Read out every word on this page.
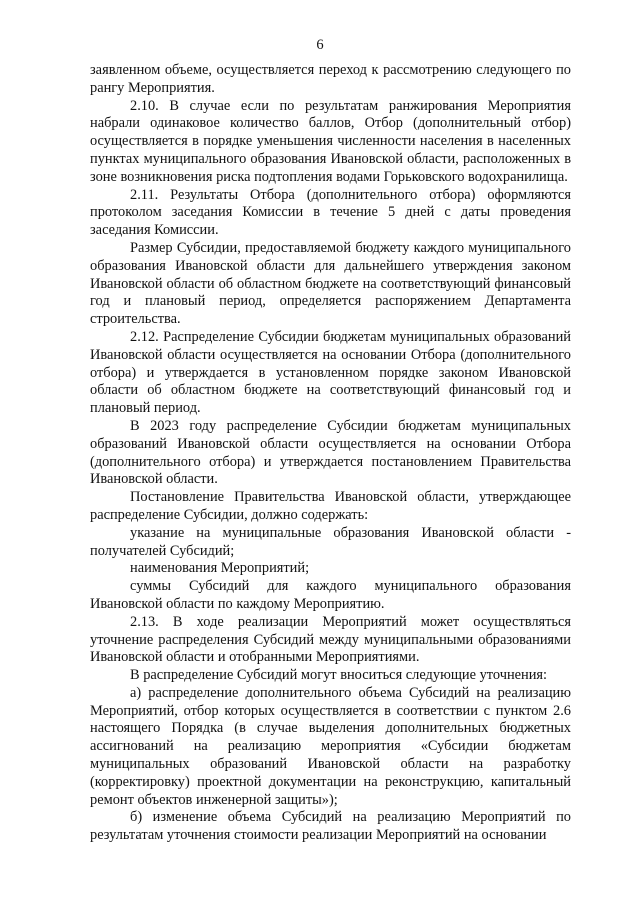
6

заявленном объеме, осуществляется переход к рассмотрению следующего по рангу Мероприятия.

2.10. В случае если по результатам ранжирования Мероприятия набрали одинаковое количество баллов, Отбор (дополнительный отбор) осуществляется в порядке уменьшения численности населения в населенных пунктах муниципального образования Ивановской области, расположенных в зоне возникновения риска подтопления водами Горьковского водохранилища.

2.11. Результаты Отбора (дополнительного отбора) оформляются протоколом заседания Комиссии в течение 5 дней с даты проведения заседания Комиссии.

Размер Субсидии, предоставляемой бюджету каждого муниципального образования Ивановской области для дальнейшего утверждения законом Ивановской области об областном бюджете на соответствующий финансовый год и плановый период, определяется распоряжением Департамента строительства.

2.12. Распределение Субсидии бюджетам муниципальных образований Ивановской области осуществляется на основании Отбора (дополнительного отбора) и утверждается в установленном порядке законом Ивановской области об областном бюджете на соответствующий финансовый год и плановый период.

В 2023 году распределение Субсидии бюджетам муниципальных образований Ивановской области осуществляется на основании Отбора (дополнительного отбора) и утверждается постановлением Правительства Ивановской области.

Постановление Правительства Ивановской области, утверждающее распределение Субсидии, должно содержать:

указание на муниципальные образования Ивановской области - получателей Субсидий;

наименования Мероприятий;

суммы Субсидий для каждого муниципального образования Ивановской области по каждому Мероприятию.

2.13. В ходе реализации Мероприятий может осуществляться уточнение распределения Субсидий между муниципальными образованиями Ивановской области и отобранными Мероприятиями.

В распределение Субсидий могут вноситься следующие уточнения:

а) распределение дополнительного объема Субсидий на реализацию Мероприятий, отбор которых осуществляется в соответствии с пунктом 2.6 настоящего Порядка (в случае выделения дополнительных бюджетных ассигнований на реализацию мероприятия «Субсидии бюджетам муниципальных образований Ивановской области на разработку (корректировку) проектной документации на реконструкцию, капитальный ремонт объектов инженерной защиты»);

б) изменение объема Субсидий на реализацию Мероприятий по результатам уточнения стоимости реализации Мероприятий на основании
